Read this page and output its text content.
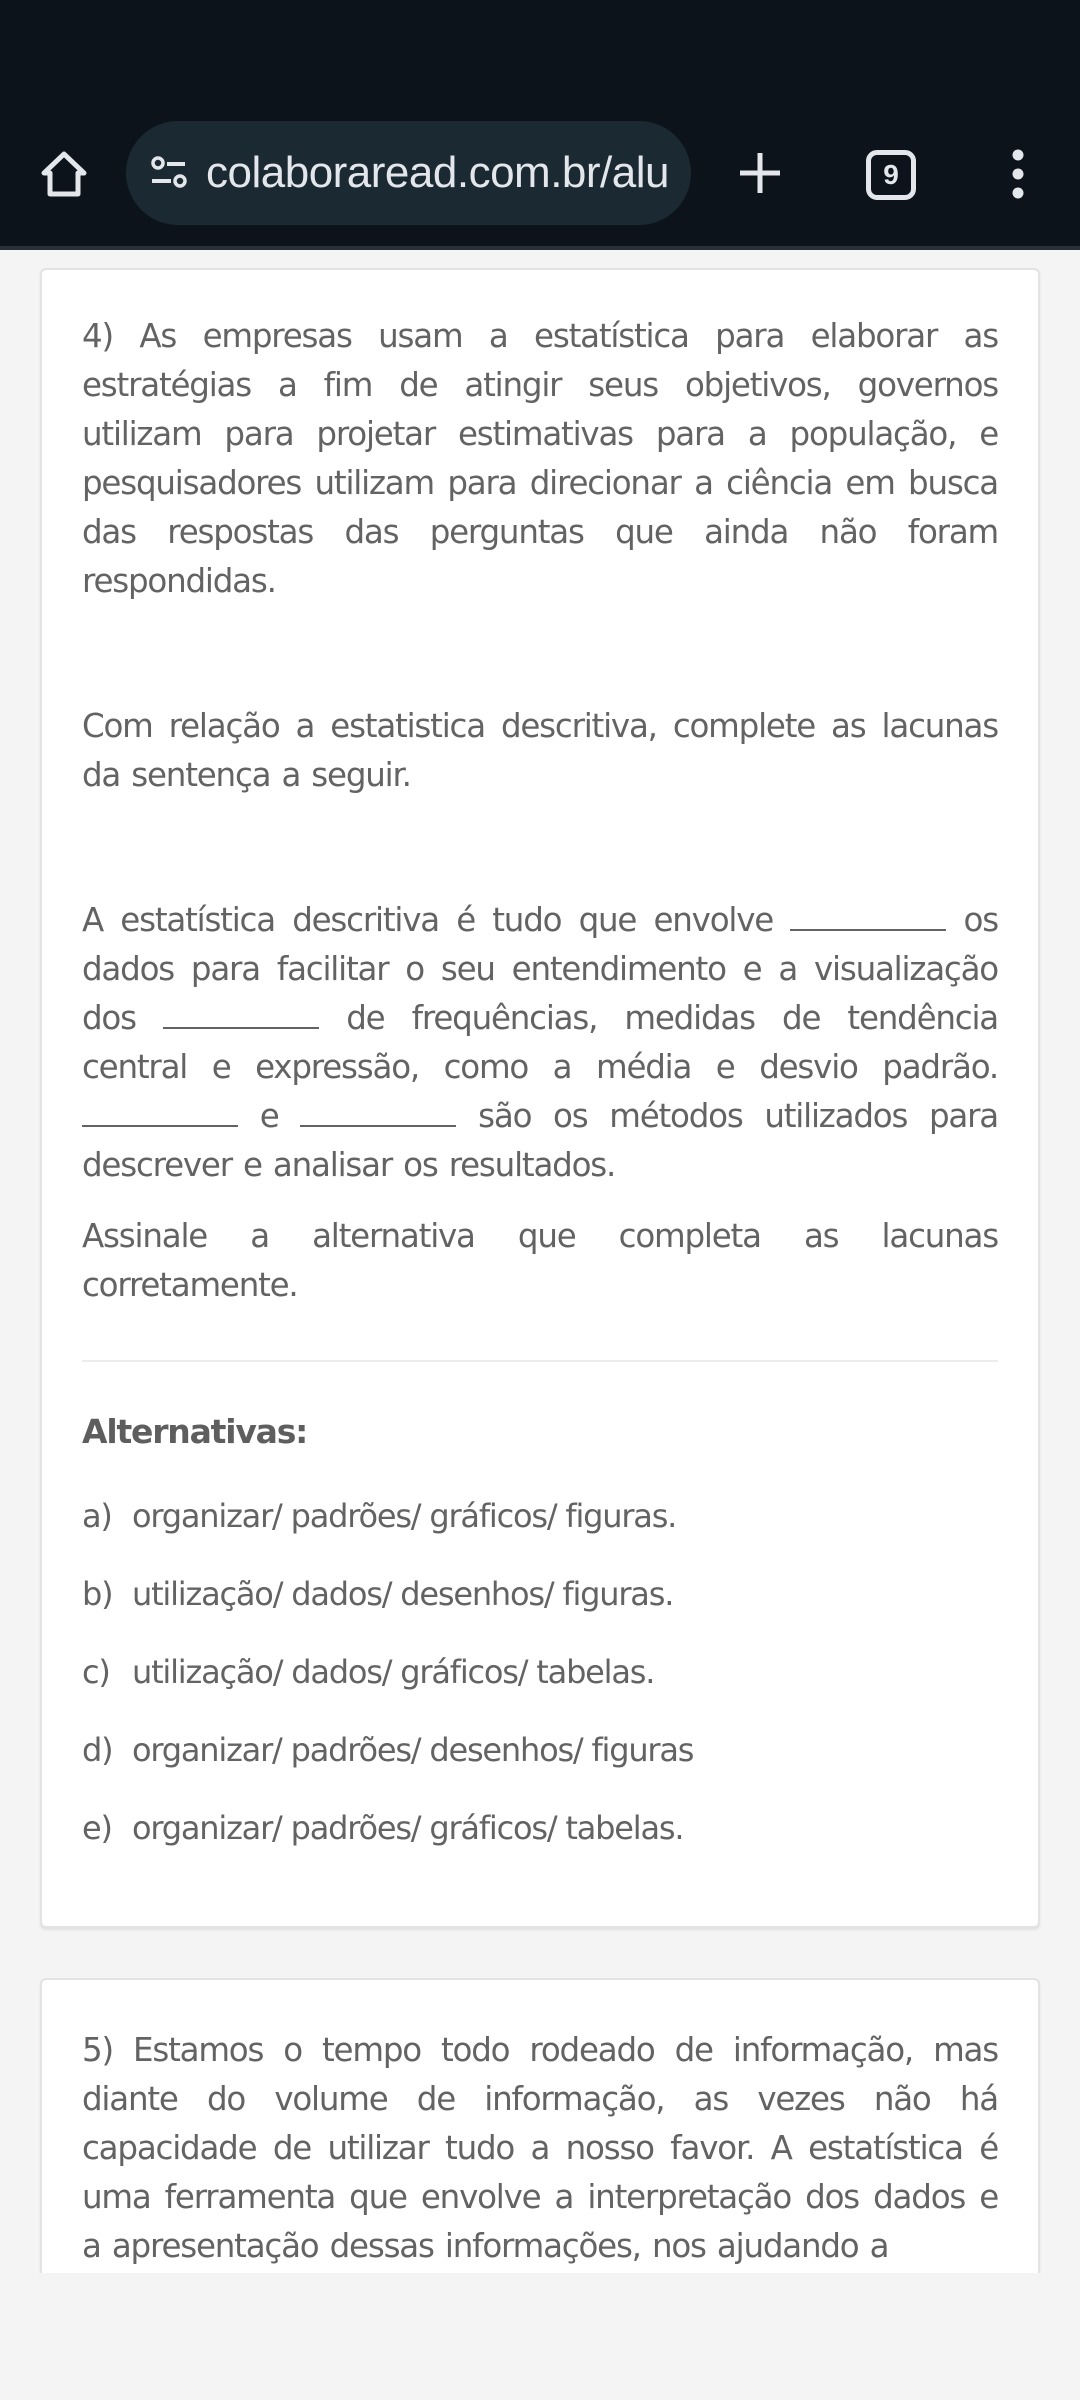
colaboraread.com.br/alu	9

4) As empresas usam a estatística para elaborar as estratégias a fim de atingir seus objetivos, governos utilizam para projetar estimativas para a população, e pesquisadores utilizam para direcionar a ciência em busca das respostas das perguntas que ainda não foram respondidas.

Com relação a estatistica descritiva, complete as lacunas da sentença a seguir.

A estatística descritiva é tudo que envolve	os dados para facilitar o seu entendimento e a visualização dos	de frequências, medidas de tendência central e expressão, como a média e desvio padrão.  e	são os métodos utilizados para descrever e analisar os resultados.

Assinale a alternativa que completa as lacunas corretamente.

Alternativas:
a) organizar/ padrões/ gráficos/ figuras.
b) utilização/ dados/ desenhos/ figuras.
c) utilização/ dados/ gráficos/ tabelas.
d) organizar/ padrões/ desenhos/ figuras
e) organizar/ padrões/ gráficos/ tabelas.

5) Estamos o tempo todo rodeado de informação, mas diante do volume de informação, as vezes não há capacidade de utilizar tudo a nosso favor. A estatística é uma ferramenta que envolve a interpretação dos dados e a apresentação dessas informações, nos ajudando a
